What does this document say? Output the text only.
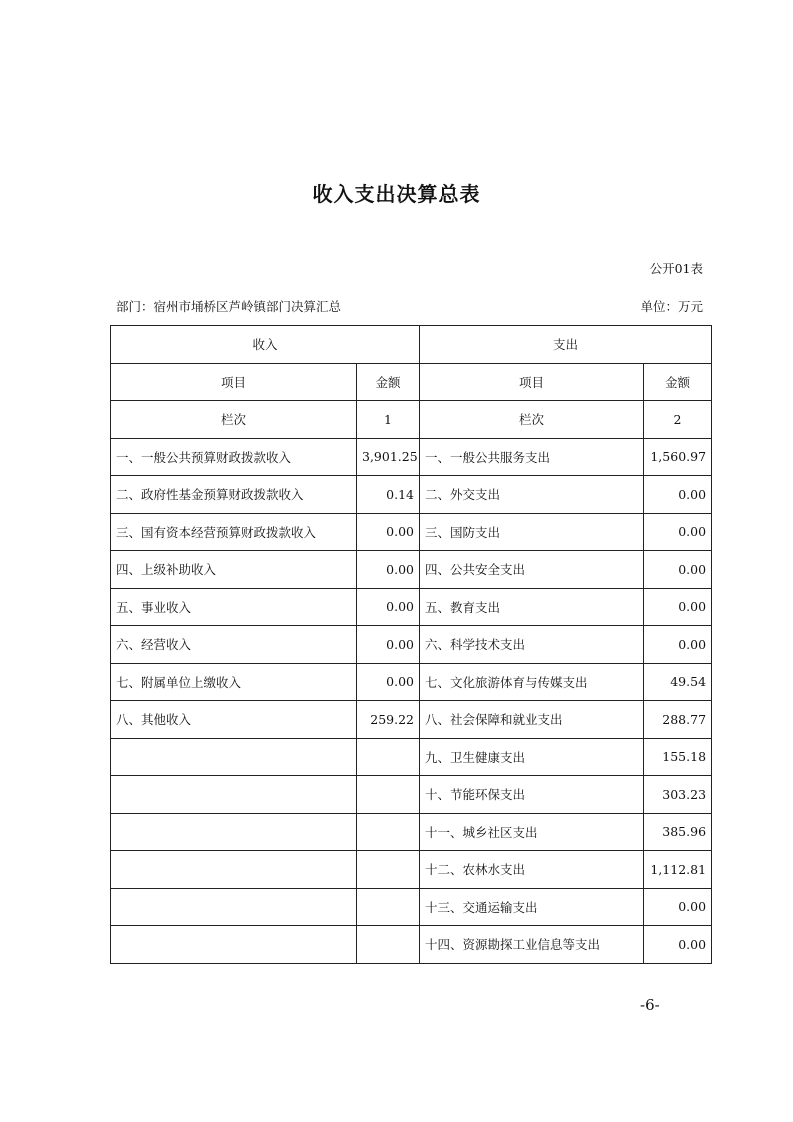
收入支出决算总表
公开01表
部门：宿州市埇桥区芦岭镇部门决算汇总	单位：万元
收入		支出	
项目	金额	项目	金额
栏次	1	栏次	2
一、一般公共预算财政拨款收入	3,901.25	一、一般公共服务支出	1,560.97
二、政府性基金预算财政拨款收入	0.14	二、外交支出	0.00
三、国有资本经营预算财政拨款收入	0.00	三、国防支出	0.00
四、上级补助收入	0.00	四、公共安全支出	0.00
五、事业收入	0.00	五、教育支出	0.00
六、经营收入	0.00	六、科学技术支出	0.00
七、附属单位上缴收入	0.00	七、文化旅游体育与传媒支出	49.54
八、其他收入	259.22	八、社会保障和就业支出	288.77
		九、卫生健康支出	155.18
		十、节能环保支出	303.23
		十一、城乡社区支出	385.96
		十二、农林水支出	1,112.81
		十三、交通运输支出	0.00
		十四、资源勘探工业信息等支出	0.00
-6-
